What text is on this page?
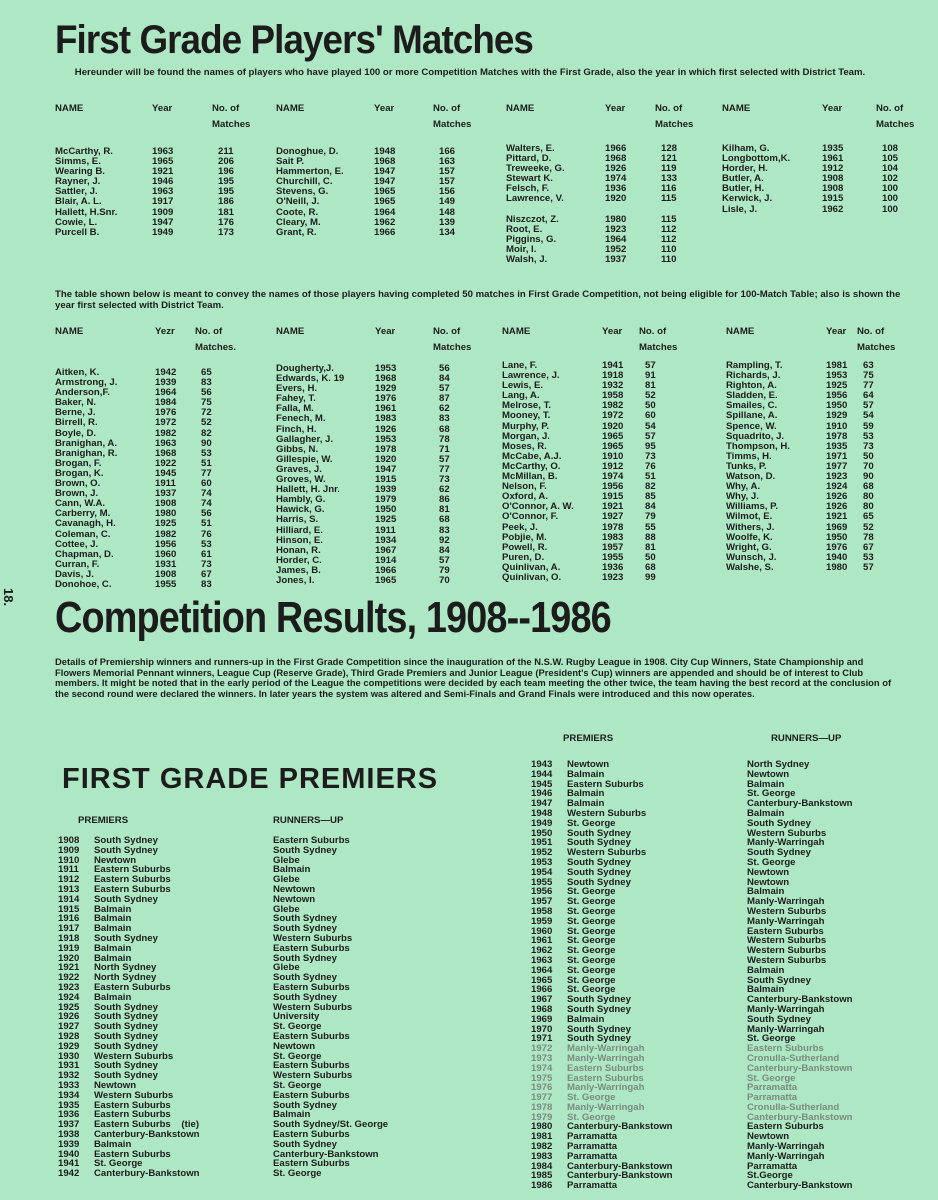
18.
First Grade Players' Matches
Hereunder will be found the names of players who have played 100 or more Competition Matches with the First Grade, also the year in which first selected with District Team.
NAME	Year	No. of Matches
McCarthy, R.	1963	211
Simms, E.	1965	206
Wearing B.	1921	196
Rayner, J.	1946	195
Sattler, J.	1963	195
Blair, A. L.	1917	186
Hallett, H.Snr.	1909	181
Cowie, L.	1947	176
Purcell B.	1949	173
NAME	Year	No. of Matches
Donoghue, D.	1948	166
Sait P.	1968	163
Hammerton, E.	1947	157
Churchill, C.	1947	157
Stevens, G.	1965	156
O'Neill, J.	1965	149
Coote, R.	1964	148
Cleary, M.	1962	139
Grant, R.	1966	134
NAME	Year	No. of Matches
Walters, E.	1966	128
Pittard, D.	1968	121
Treweeke, G.	1926	119
Stewart K.	1974	133
Felsch, F.	1936	116
Lawrence, V.	1920	115
Niszczot, Z.	1980	115
Root, E.	1923	112
Piggins, G.	1964	112
Moir, I.	1952	110
Walsh, J.	1937	110
NAME	Year	No. of Matches
Kilham, G.	1935	108
Longbottom,K.	1961	105
Horder, H.	1912	104
Butler, A.	1908	102
Butler, H.	1908	100
Kerwick, J.	1915	100
Lisle, J.	1962	100
The table shown below is meant to convey the names of those players having completed 50 matches in First Grade Competition, not being eligible for 100-Match Table; also is shown the year first selected with District Team.
NAME	Yezr No. of Matches.
Aitken, K.	1942	65
Armstrong, J.	1939	83
Anderson,F.	1964	56
Baker, N.	1984	75
Berne, J.	1976	72
Birrell, R.	1972	52
Boyle, D.	1982	82
Branighan, A.	1963	90
Branighan, R.	1968	53
Brogan, F.	1922	51
Brogan, K.	1945	77
Brown, O.	1911	60
Brown, J.	1937	74
Cann, W.A.	1908	74
Carberry, M.	1980	56
Cavanagh, H.	1925	51
Coleman, C.	1982	76
Cottee, J.	1956	53
Chapman, D.	1960	61
Curran, F.	1931	73
Davis, J.	1908	67
Donohoe, C.	1955	83
NAME	Year	No. of Matches
Dougherty,J.	1953	56
Edwards, K. 19	1968	84
Evers, H.	1929	57
Fahey, T.	1976	87
Falla, M.	1961	62
Fenech, M.	1983	83
Finch, H.	1926	68
Gallagher, J.	1953	78
Gibbs, N.	1978	71
Gillespie, W.	1920	57
Graves, J.	1947	77
Groves, W.	1915	73
Hallett, H. Jnr.	1939	62
Hambly, G.	1979	86
Hawick, G.	1950	81
Harris, S.	1925	68
Hilliard, E.	1911	83
Hinson, E.	1934	92
Honan, R.	1967	84
Horder, C.	1914	57
James, B.	1966	79
Jones, I.	1965	70
NAME	Year No. of Matches
Lane, F.	1941 57
Lawrence, J.	1918 91
Lewis, E.	1932 81
Lang, A.	1958 52
Melrose, T.	1982 50
Mooney, T.	1972 60
Murphy, P.	1920 54
Morgan, J.	1965 57
Moses, R.	1965 95
McCabe, A.J.	1910 73
McCarthy, O.	1912 76
McMillan, B.	1974 51
Nelson, F.	1956 82
Oxford, A.	1915 85
O'Connor, A. W.	1921 84
O'Connor, F.	1927 79
Peek, J.	1978 55
Pobjie, M.	1983 88
Powell, R.	1957 81
Puren, D.	1955 50
Quinlivan, A.	1936 68
Quinlivan, O.	1923 99
NAME	Year No. of Matches
Rampling, T.	1981 63
Richards, J.	1953 75
Righton, A.	1925 77
Sladden, E.	1956 64
Smailes, C.	1950 57
Spillane, A.	1929 54
Spence, W.	1910 59
Squadrito, J.	1978 53
Thompson, H.	1935 73
Timms, H.	1971 50
Tunks, P.	1977 70
Watson, D.	1923 90
Why, A.	1924 68
Why, J.	1926 80
Williams, P.	1926 80
Wilmot, E.	1921 65
Withers, J.	1969 52
Woolfe, K.	1950 78
Wright, G.	1976 67
Wunsch, J.	1940 53
Walshe, S.	1980 57
Competition Results, 1908--1986
Details of Premiership winners and runners-up in the First Grade Competition since the inauguration of the N.S.W. Rugby League in 1908. City Cup Winners, State Championship and Flowers Memorial Pennant winners, League Cup (Reserve Grade), Third Grade Premiers and Junior League (President's Cup) winners are appended and should be of interest to Club members. It might be noted that in the early period of the League the competitions were decided by each team meeting the other twice, the team having the best record at the conclusion of the second round were declared the winners. In later years the system was altered and Semi-Finals and Grand Finals were introduced and this now operates.
FIRST GRADE PREMIERS
PREMIERS	RUNNERS—UP
PREMIERS	RUNNERS—UP
1908 South Sydney	Eastern Suburbs
1909 South Sydney	South Sydney
1910 Newtown	Glebe
1911 Eastern Suburbs	Balmain
1912 Eastern Suburbs	Glebe
1913 Eastern Suburbs	Newtown
1914 South Sydney	Newtown
1915 Balmain	Glebe
1916 Balmain	South Sydney
1917 Balmain	South Sydney
1918 South Sydney	Western Suburbs
1919 Balmain	Eastern Suburbs
1920 Balmain	South Sydney
1921 North Sydney	Glebe
1922 North Sydney	South Sydney
1923 Eastern Suburbs	Eastern Suburbs
1924 Balmain	South Sydney
1925 South Sydney	Western Suburbs
1926 South Sydney	University
1927 South Sydney	St. George
1928 South Sydney	Eastern Suburbs
1929 South Sydney	Newtown
1930 Western Suburbs	St. George
1931 South Sydney	Eastern Suburbs
1932 South Sydney	Western Suburbs
1933 Newtown	St. George
1934 Western Suburbs	Eastern Suburbs
1935 Eastern Suburbs	South Sydney
1936 Eastern Suburbs	Balmain
1937 Eastern Suburbs    (tie)	South Sydney/St. George
1938 Canterbury-Bankstown	Eastern Suburbs
1939 Balmain	South Sydney
1940 Eastern Suburbs	Canterbury-Bankstown
1941 St. George	Eastern Suburbs
1942 Canterbury-Bankstown	St. George
1943 Newtown	North Sydney
1944 Balmain	Newtown
1945 Eastern Suburbs	Balmain
1946 Balmain	St. George
1947 Balmain	Canterbury-Bankstown
1948 Western Suburbs	Balmain
1949 St. George	South Sydney
1950 South Sydney	Western Suburbs
1951 South Sydney	Manly-Warringah
1952 Western Suburbs	South Sydney
1953 South Sydney	St. George
1954 South Sydney	Newtown
1955 South Sydney	Newtown
1956 St. George	Balmain
1957 St. George	Manly-Warringah
1958 St. George	Western Suburbs
1959 St. George	Manly-Warringah
1960 St. George	Eastern Suburbs
1961 St. George	Western Suburbs
1962 St. George	Western Suburbs
1963 St. George	Western Suburbs
1964 St. George	Balmain
1965 St. George	South Sydney
1966 St. George	Balmain
1967 South Sydney	Canterbury-Bankstown
1968 South Sydney	Manly-Warringah
1969 Balmain	South Sydney
1970 South Sydney	Manly-Warringah
1971 South Sydney	St. George
1972 Manly-Warringah	Eastern Suburbs
1973 Manly-Warringah	Cronulla-Sutherland
1974 Eastern Suburbs	Canterbury-Bankstown
1975 Eastern Suburbs	St. George
1976 Manly-Warringah	Parramatta
1977 St. George	Parramatta
1978 Manly-Warringah	Cronulla-Sutherland
1979 St. George	Canterbury-Bankstown
1980 Canterbury-Bankstown	Eastern Suburbs
1981 Parramatta	Newtown
1982 Parramatta	Manly-Warringah
1983 Parramatta	Manly-Warringah
1984 Canterbury-Bankstown	Parramatta
1985 Canterbury-Bankstown	St.George
1986 Parramatta	Canterbury-Bankstown
